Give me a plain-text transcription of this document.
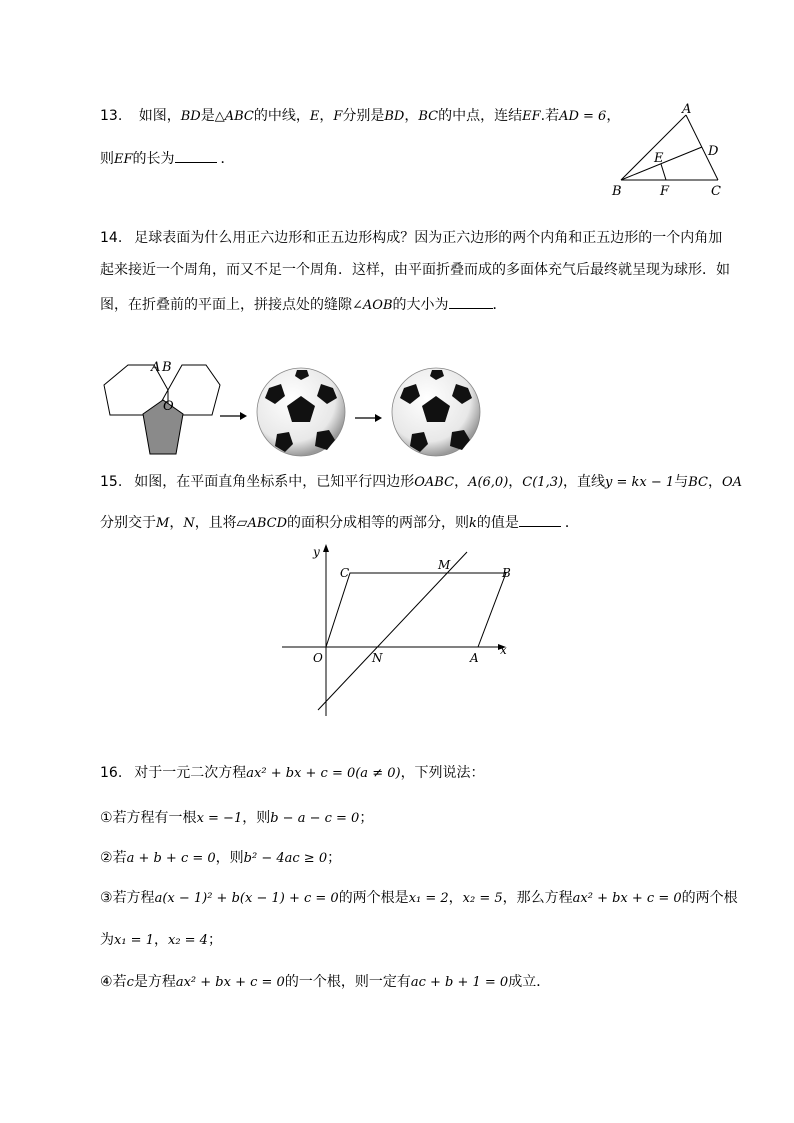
13. 如图，BD是△ABC的中线，E，F分别是BD，BC的中点，连结EF.若AD = 6，
则EF的长为	．
A
B	C
D
E
F
14. 足球表面为什么用正六边形和正五边形构成？因为正六边形的两个内角和正五边形的一个内角加
起来接近一个周角，而又不足一个周角．这样，由平面折叠而成的多面体充气后最终就呈现为球形．如
图，在折叠前的平面上，拼接点处的缝隙∠AOB的大小为	．
A B
O
15. 如图，在平面直角坐标系中，已知平行四边形OABC，A(6,0)，C(1,3)，直线y = kx − 1与BC，OA
分别交于M，N，且将▱ABCD的面积分成相等的两部分，则k的值是	．
y
x
O	A
B
C
M
N
16. 对于一元二次方程ax² + bx + c = 0(a ≠ 0)，下列说法：
①若方程有一根x = −1，则b − a − c = 0；
②若a + b + c = 0，则b² − 4ac ≥ 0；
③若方程a(x − 1)² + b(x − 1) + c = 0的两个根是x₁ = 2，x₂ = 5，那么方程ax² + bx + c = 0的两个根
为x₁ = 1，x₂ = 4；
④若c是方程ax² + bx + c = 0的一个根，则一定有ac + b + 1 = 0成立．
